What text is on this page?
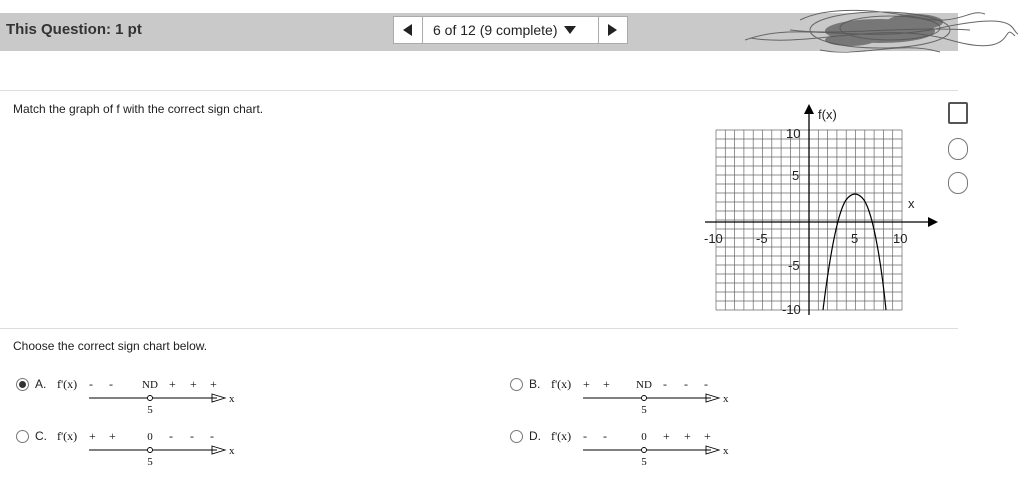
This Question: 1 pt	6 of 12 (9 complete)
Match the graph of f with the correct sign chart.
Choose the correct sign chart below.
f(x)
x
-10	-5	5	10
10
5
-5
-10
A. f'(x) - -	ND + + +
x
5
B. f'(x) + + ND - - -
x
5
C. f'(x) + +	0 - - -
x
5
D. f'(x) - -	0 + + +
x
5
